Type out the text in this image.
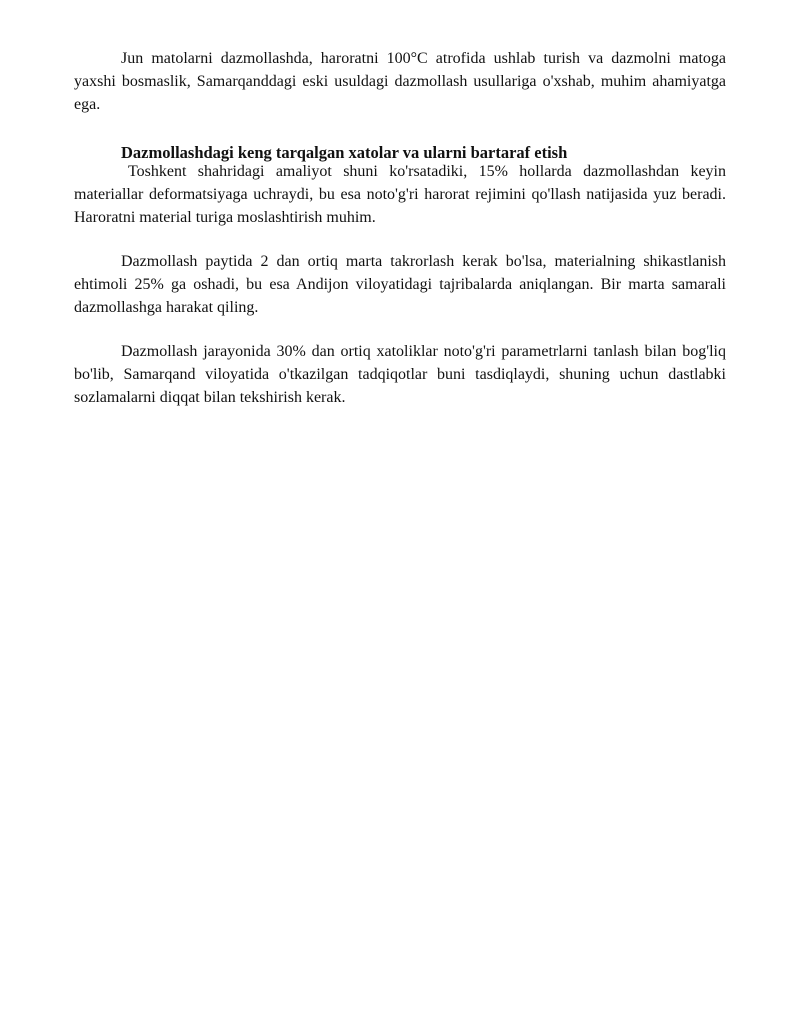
Jun matolarni dazmollashda, haroratni 100°C atrofida ushlab turish va dazmolni matoga yaxshi bosmaslik, Samarqanddagi eski usuldagi dazmollash usullariga o'xshab, muhim ahamiyatga ega.

Dazmollashdagi keng tarqalgan xatolar va ularni bartaraf etish

Toshkent shahridagi amaliyot shuni ko'rsatadiki, 15% hollarda dazmollashdan keyin materiallar deformatsiyaga uchraydi, bu esa noto'g'ri harorat rejimini qo'llash natijasida yuz beradi. Haroratni material turiga moslashtirish muhim.

Dazmollash paytida 2 dan ortiq marta takrorlash kerak bo'lsa, materialning shikastlanish ehtimoli 25% ga oshadi, bu esa Andijon viloyatidagi tajribalarda aniqlangan. Bir marta samarali dazmollashga harakat qiling.

Dazmollash jarayonida 30% dan ortiq xatoliklar noto'g'ri parametrlarni tanlash bilan bog'liq bo'lib, Samarqand viloyatida o'tkazilgan tadqiqotlar buni tasdiqlaydi, shuning uchun dastlabki sozlamalarni diqqat bilan tekshirish kerak.
